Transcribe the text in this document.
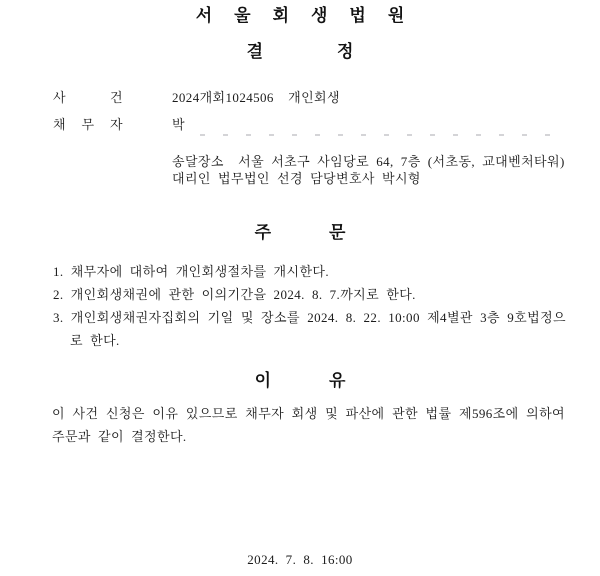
서울회생법원
결정
사	건	2024개회1024506  개인회생
채 무 자	박
송달장소  서울 서초구 사임당로 64, 7층 (서초동, 교대벤처타워)
대리인 법무법인 선경 담당변호사 박시형
주문
1. 채무자에 대하여 개인회생절차를 개시한다.
2. 개인회생채권에 관한 이의기간을 2024. 8. 7.까지로 한다.
3. 개인회생채권자집회의 기일 및 장소를 2024. 8. 22. 10:00 제4별관 3층 9호법정으
로 한다.
이유
이 사건 신청은 이유 있으므로 채무자 회생 및 파산에 관한 법률 제596조에 의하여
주문과 같이 결정한다.
2024. 7. 8. 16:00
